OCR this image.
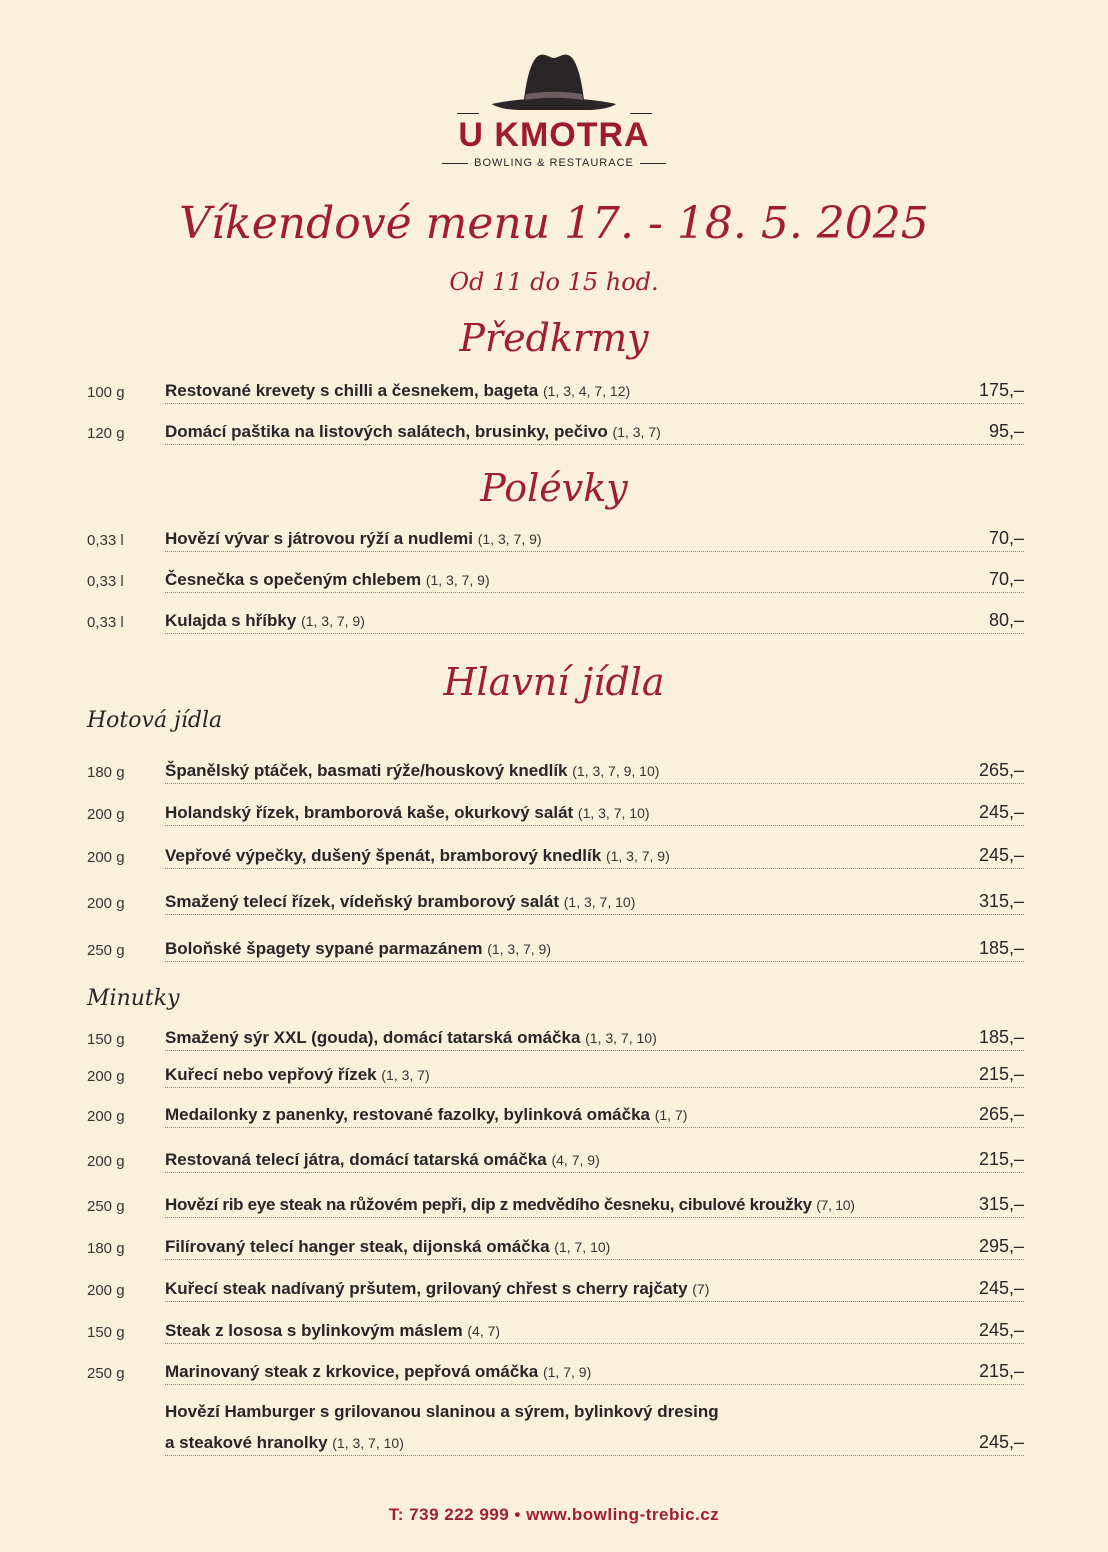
U KMOTRA
BOWLING & RESTAURACE
Víkendové menu 17. - 18. 5. 2025
Od 11 do 15 hod.
Předkrmy
100 g Restované krevety s chilli a česnekem, bageta (1, 3, 4, 7, 12)	175,–
120 g Domácí paštika na listových salátech, brusinky, pečivo (1, 3, 7)	95,–
Polévky
0,33 l Hovězí vývar s játrovou rýží a nudlemi (1, 3, 7, 9)	70,–
0,33 l Česnečka s opečeným chlebem (1, 3, 7, 9)	70,–
0,33 l Kulajda s hříbky (1, 3, 7, 9)	80,–
Hlavní jídla
Hotová jídla
180 g Španělský ptáček, basmati rýže/houskový knedlík (1, 3, 7, 9, 10)	265,–
200 g Holandský řízek, bramborová kaše, okurkový salát (1, 3, 7, 10)	245,–
200 g Vepřové výpečky, dušený špenát, bramborový knedlík (1, 3, 7, 9)	245,–
200 g Smažený telecí řízek, vídeňský bramborový salát (1, 3, 7, 10)	315,–
250 g Boloňské špagety sypané parmazánem (1, 3, 7, 9)	185,–
Minutky
150 g Smažený sýr XXL (gouda), domácí tatarská omáčka (1, 3, 7, 10)	185,–
200 g Kuřecí nebo vepřový řízek (1, 3, 7)	215,–
200 g Medailonky z panenky, restované fazolky, bylinková omáčka (1, 7)	265,–
200 g Restovaná telecí játra, domácí tatarská omáčka (4, 7, 9)	215,–
250 g Hovězí rib eye steak na růžovém pepři, dip z medvědího česneku, cibulové kroužky (7, 10)	315,–
180 g Filírovaný telecí hanger steak, dijonská omáčka (1, 7, 10)	295,–
200 g Kuřecí steak nadívaný pršutem, grilovaný chřest s cherry rajčaty (7)	245,–
150 g Steak z lososa s bylinkovým máslem (4, 7)	245,–
250 g Marinovaný steak z krkovice, pepřová omáčka (1, 7, 9)	215,–
Hovězí Hamburger s grilovanou slaninou a sýrem, bylinkový dresing
a steakové hranolky (1, 3, 7, 10)	245,–
T: 739 222 999 • www.bowling-trebic.cz
